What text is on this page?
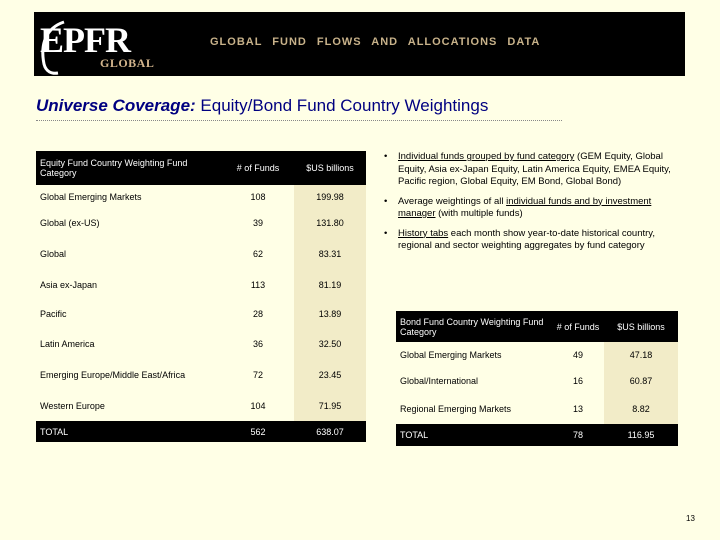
EPFR
GLOBAL
GLOBAL FUND FLOWS AND ALLOCATIONS DATA
Universe Coverage: Equity/Bond Fund Country Weightings
Equity Fund Country Weighting Fund Category	# of Funds	$US billions
Global Emerging Markets	108	199.98
Global (ex-US)	39	131.80
Global	62	83.31
Asia ex-Japan	113	81.19
Pacific	28	13.89
Latin America	36	32.50
Emerging Europe/Middle East/Africa	72	23.45
Western Europe	104	71.95
TOTAL	562	638.07
• Individual funds grouped by fund category (GEM Equity, Global Equity, Asia ex-Japan Equity, Latin America Equity, EMEA Equity, Pacific region, Global Equity, EM Bond, Global Bond)
• Average weightings of all individual funds and by investment manager (with multiple funds)
• History tabs each month show year-to-date historical country, regional and sector weighting aggregates by fund category
Bond Fund Country Weighting Fund Category	# of Funds	$US billions
Global Emerging Markets	49	47.18
Global/International	16	60.87
Regional Emerging Markets	13	8.82
TOTAL	78	116.95
13
